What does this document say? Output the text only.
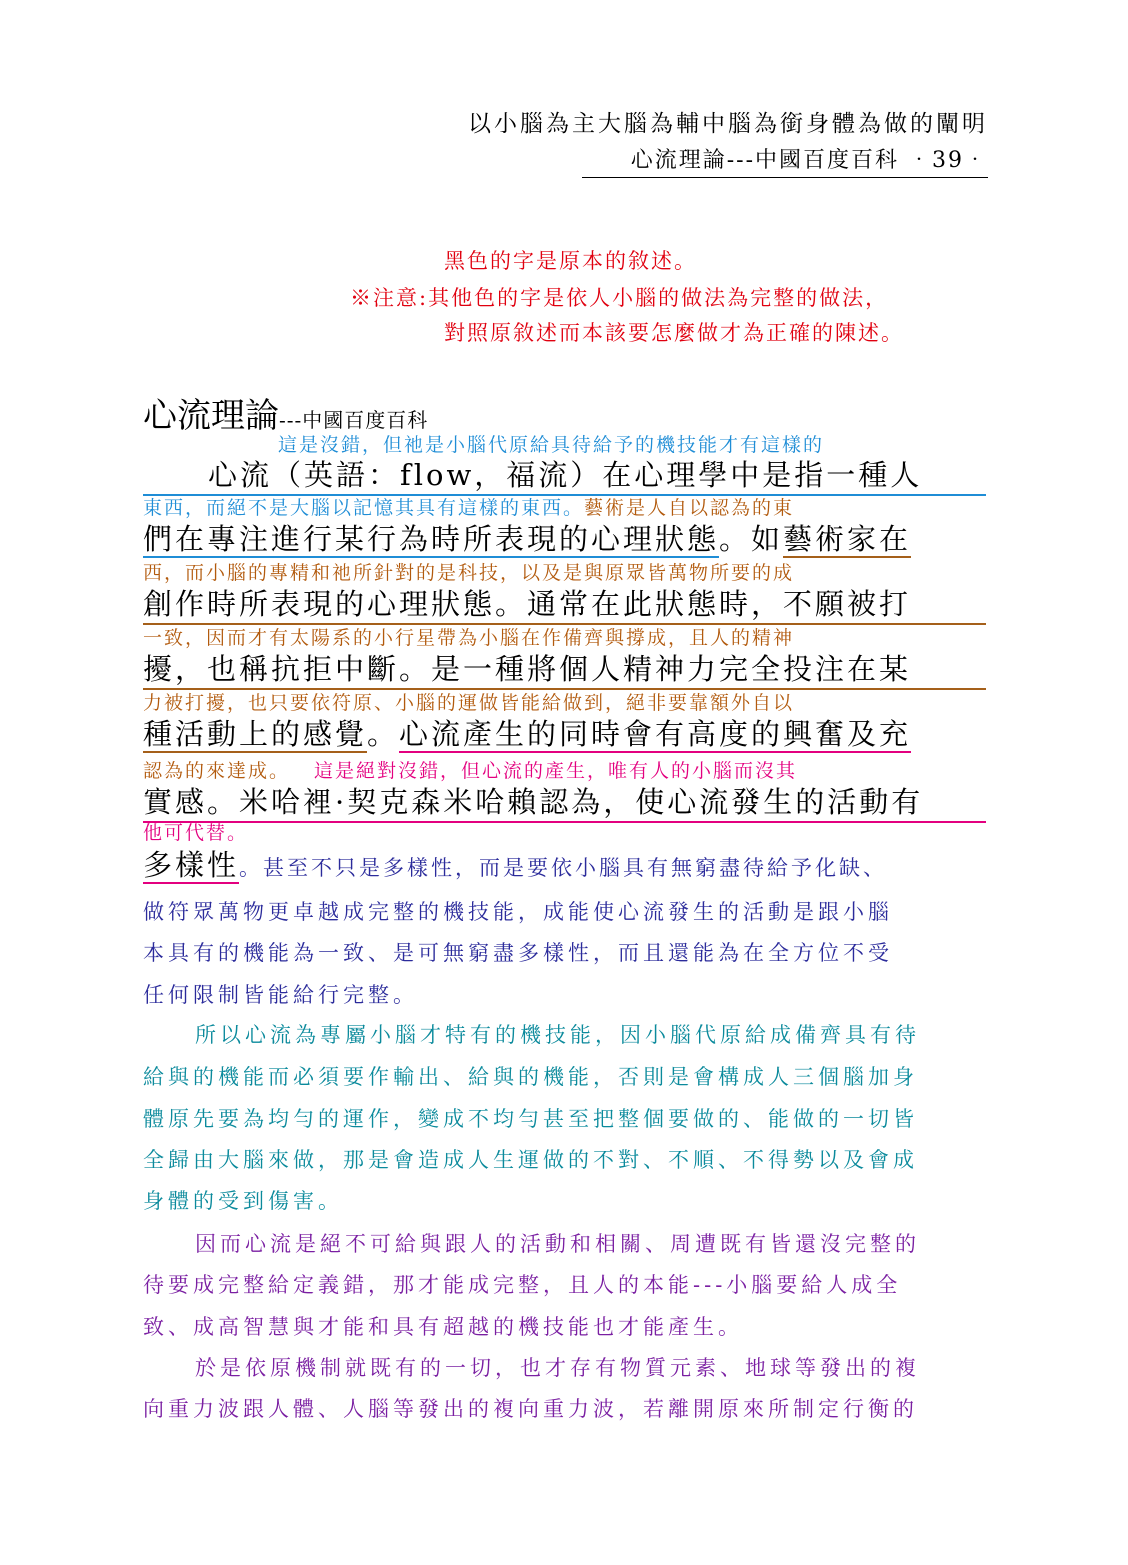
以小腦為主大腦為輔中腦為銜身體為做的闡明
心流理論---中國百度百科 ‧39‧
黑色的字是原本的敘述。
※注意:其他色的字是依人小腦的做法為完整的做法，
對照原敘述而本該要怎麼做才為正確的陳述。
心流理論---中國百度百科
這是沒錯，但祂是小腦代原給具待給予的機技能才有這樣的
心流（英語：flow，福流）在心理學中是指一種人
東西，而絕不是大腦以記憶其具有這樣的東西。藝術是人自以認為的東
們在專注進行某行為時所表現的心理狀態。如藝術家在
西，而小腦的專精和祂所針對的是科技，以及是與原眾皆萬物所要的成
創作時所表現的心理狀態。通常在此狀態時，不願被打
一致，因而才有太陽系的小行星帶為小腦在作備齊與撐成，且人的精神
擾，也稱抗拒中斷。是一種將個人精神力完全投注在某
力被打擾，也只要依符原、小腦的運做皆能給做到，絕非要靠額外自以
種活動上的感覺。心流產生的同時會有高度的興奮及充
認為的來達成。 這是絕對沒錯，但心流的產生，唯有人的小腦而沒其
實感。米哈裡·契克森米哈賴認為，使心流發生的活動有
他可代替。
多樣性。甚至不只是多樣性，而是要依小腦具有無窮盡待給予化缺、
做符眾萬物更卓越成完整的機技能，成能使心流發生的活動是跟小腦
本具有的機能為一致、是可無窮盡多樣性，而且還能為在全方位不受
任何限制皆能給行完整。
所以心流為專屬小腦才特有的機技能，因小腦代原給成備齊具有待
給與的機能而必須要作輸出、給與的機能，否則是會構成人三個腦加身
體原先要為均勻的運作，變成不均勻甚至把整個要做的、能做的一切皆
全歸由大腦來做，那是會造成人生運做的不對、不順、不得勢以及會成
身體的受到傷害。
因而心流是絕不可給與跟人的活動和相關、周遭既有皆還沒完整的
待要成完整給定義錯，那才能成完整，且人的本能---小腦要給人成全
致、成高智慧與才能和具有超越的機技能也才能產生。
於是依原機制就既有的一切，也才存有物質元素、地球等發出的複
向重力波跟人體、人腦等發出的複向重力波，若離開原來所制定行衡的
